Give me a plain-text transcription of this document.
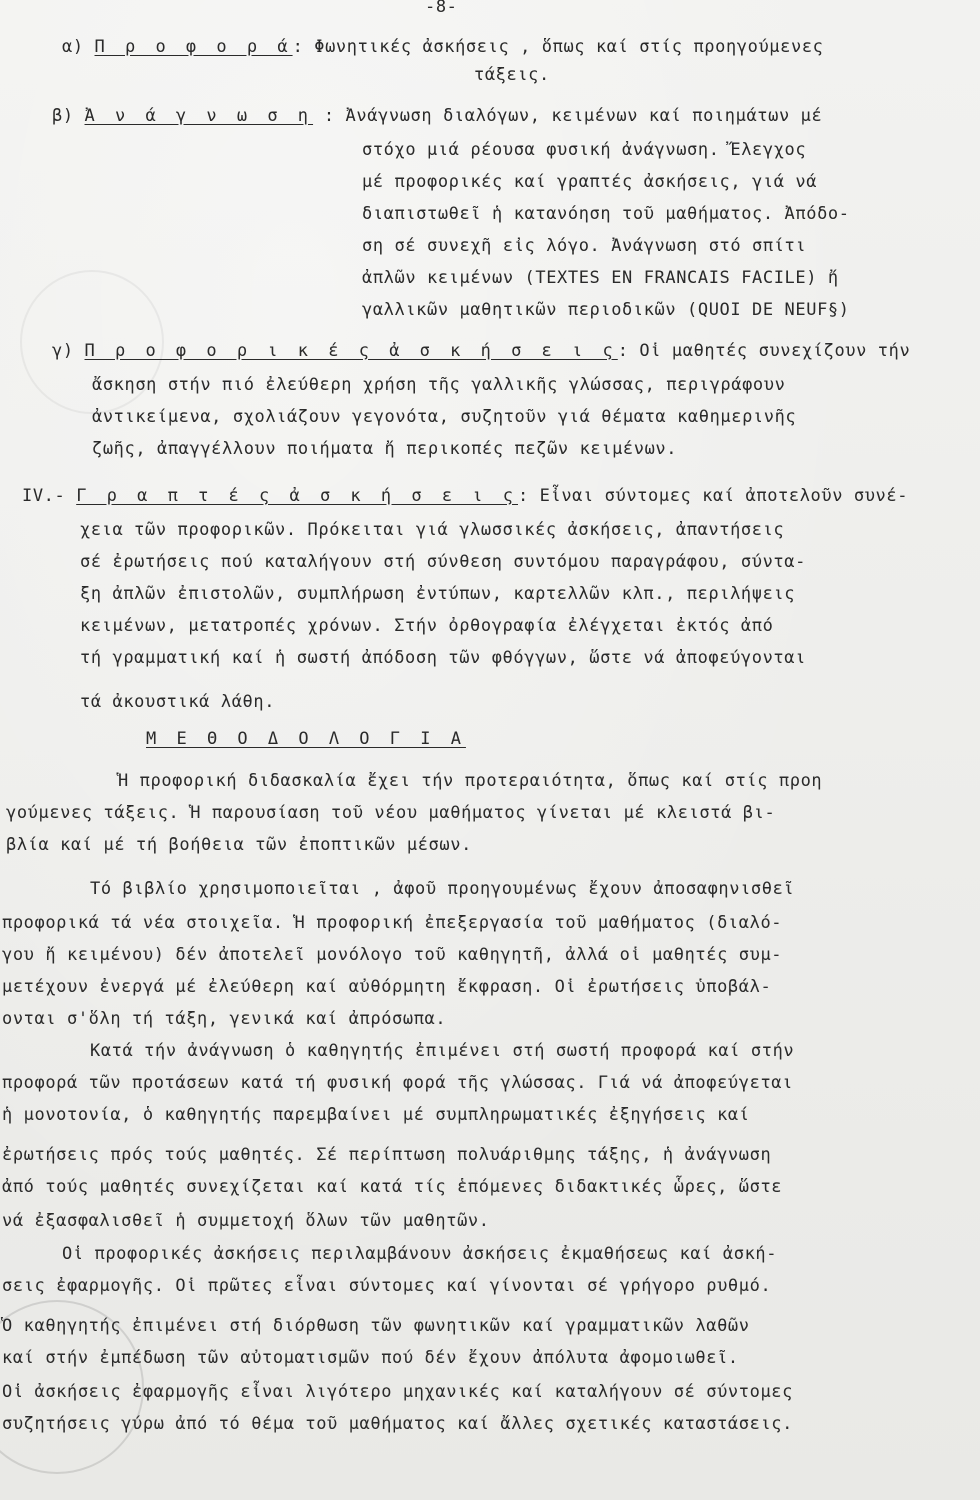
-8-
α) Π ρ ο φ ο ρ ά: Φωνητικές ἀσκήσεις , ὅπως καί στίς προηγούμενες
τάξεις.
β) Ἀ ν ά γ ν ω σ η : Ἀνάγνωση διαλόγων, κειμένων καί ποιημάτων μέ
στόχο μιά ρέουσα φυσική ἀνάγνωση. Ἔλεγχος
μέ προφορικές καί γραπτές ἀσκήσεις, γιά νά
διαπιστωθεῖ ἡ κατανόηση τοῦ μαθήματος. Ἀπόδο-
ση σέ συνεχῆ εἰς λόγο. Ἀνάγνωση στό σπίτι
ἀπλῶν κειμένων (TEXTES EN FRANCAIS FACILE) ἤ
γαλλικῶν μαθητικῶν περιοδικῶν (QUOI DE NEUF§)
γ) Π ρ ο φ ο ρ ι κ έ ς ἀ σ κ ή σ ε ι ς: Οἱ μαθητές συνεχίζουν τήν
ἄσκηση στήν πιό ἐλεύθερη χρήση τῆς γαλλικῆς γλώσσας, περιγράφουν
ἀντικείμενα, σχολιάζουν γεγονότα, συζητοῦν γιά θέματα καθημερινῆς
ζωῆς, ἀπαγγέλλουν ποιήματα ἤ περικοπές πεζῶν κειμένων.
IV.- Γ ρ α π τ έ ς ἀ σ κ ή σ ε ι ς: Εἶναι σύντομες καί ἀποτελοῦν συνέ-
χεια τῶν προφορικῶν. Πρόκειται γιά γλωσσικές ἀσκήσεις, ἀπαντήσεις
σέ ἐρωτήσεις πού καταλήγουν στή σύνθεση συντόμου παραγράφου, σύντα-
ξη ἀπλῶν ἐπιστολῶν, συμπλήρωση ἐντύπων, καρτελλῶν κλπ., περιλήψεις
κειμένων, μετατροπές χρόνων. Στήν ὀρθογραφία ἐλέγχεται ἐκτός ἀπό
τή γραμματική καί ἡ σωστή ἀπόδοση τῶν φθόγγων, ὥστε νά ἀποφεύγονται
τά ἀκουστικά λάθη.
Μ Ε Θ Ο Δ Ο Λ Ο Γ Ι Α
Ἡ προφορική διδασκαλία ἔχει τήν προτεραιότητα, ὅπως καί στίς προη
γούμενες τάξεις. Ἡ παρουσίαση τοῦ νέου μαθήματος γίνεται μέ κλειστά βι-
βλία καί μέ τή βοήθεια τῶν ἐποπτικῶν μέσων.
Τό βιβλίο χρησιμοποιεῖται , ἀφοῦ προηγουμένως ἔχουν ἀποσαφηνισθεῖ
προφορικά τά νέα στοιχεῖα. Ἡ προφορική ἐπεξεργασία τοῦ μαθήματος (διαλό-
γου ἤ κειμένου) δέν ἀποτελεῖ μονόλογο τοῦ καθηγητῆ, ἀλλά οἱ μαθητές συμ-
μετέχουν ἐνεργά μέ ἐλεύθερη καί αὐθόρμητη ἔκφραση. Οἱ ἐρωτήσεις ὑποβάλ-
ονται σ'ὅλη τή τάξη, γενικά καί ἀπρόσωπα.
Κατά τήν ἀνάγνωση ὁ καθηγητής ἐπιμένει στή σωστή προφορά καί στήν
προφορά τῶν προτάσεων κατά τή φυσική φορά τῆς γλώσσας. Γιά νά ἀποφεύγεται
ἡ μονοτονία, ὁ καθηγητής παρεμβαίνει μέ συμπληρωματικές ἐξηγήσεις καί
ἐρωτήσεις πρός τούς μαθητές. Σέ περίπτωση πολυάριθμης τάξης, ἡ ἀνάγνωση
ἀπό τούς μαθητές συνεχίζεται καί κατά τίς ἑπόμενες διδακτικές ὧρες, ὥστε
νά ἐξασφαλισθεῖ ἡ συμμετοχή ὅλων τῶν μαθητῶν.
Οἱ προφορικές ἀσκήσεις περιλαμβάνουν ἀσκήσεις ἐκμαθήσεως καί ἀσκή-
σεις ἐφαρμογῆς. Οἱ πρῶτες εἶναι σύντομες καί γίνονται σέ γρήγορο ρυθμό.
Ὁ καθηγητής ἐπιμένει στή διόρθωση τῶν φωνητικῶν καί γραμματικῶν λαθῶν
καί στήν ἐμπέδωση τῶν αὐτοματισμῶν πού δέν ἔχουν ἀπόλυτα ἀφομοιωθεῖ.
Οἱ ἀσκήσεις ἐφαρμογῆς εἶναι λιγότερο μηχανικές καί καταλήγουν σέ σύντομες
συζητήσεις γύρω ἀπό τό θέμα τοῦ μαθήματος καί ἄλλες σχετικές καταστάσεις.
